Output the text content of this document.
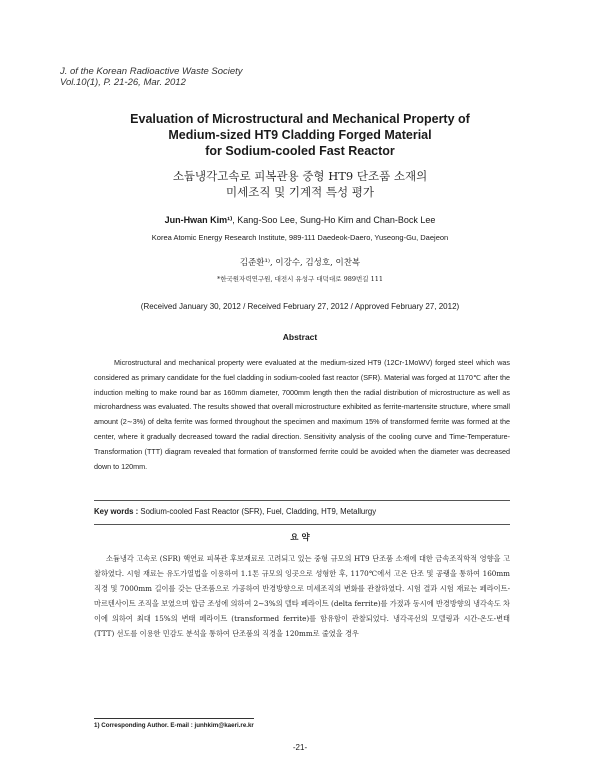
J. of the Korean Radioactive Waste Society
Vol.10(1), P. 21-26, Mar. 2012
Evaluation of Microstructural and Mechanical Property of
Medium-sized HT9 Cladding Forged Material
for Sodium-cooled Fast Reactor
소듐냉각고속로 피복관용 중형 HT9 단조품 소재의
미세조직 및 기계적 특성 평가
Jun-Hwan Kim¹⁾, Kang-Soo Lee, Sung-Ho Kim and Chan-Bock Lee
Korea Atomic Energy Research Institute, 989-111 Daedeok-Daero, Yuseong-Gu, Daejeon
김준환¹⁾, 이강수, 김성호, 이찬복
*한국원자력연구원, 대전시 유성구 대덕대로 989번길 111
(Received January 30, 2012 / Received February 27, 2012 / Approved February 27, 2012)
Abstract
Microstructural and mechanical property were evaluated at the medium-sized HT9 (12Cr-1MoWV) forged steel which was considered as primary candidate for the fuel cladding in sodium-cooled fast reactor (SFR). Material was forged at 1170℃ after the induction melting to make round bar as 160mm diameter, 7000mm length then the radial distribution of microstructure as well as microhardness was evaluated. The results showed that overall microstructure exhibited as ferrite-martensite structure, where small amount (2∼3%) of delta ferrite was formed throughout the specimen and maximum 15% of transformed ferrite was formed at the center, where it gradually decreased toward the radial direction. Sensitivity analysis of the cooling curve and Time-Temperature-Transformation (TTT) diagram revealed that formation of transformed ferrite could be avoided when the diameter was decreased down to 120mm.
Key words : Sodium-cooled Fast Reactor (SFR), Fuel, Cladding, HT9, Metallurgy
요 약
소듐냉각 고속로 (SFR) 핵연료 피복관 후보재료로 고려되고 있는 중형 규모의 HT9 단조품 소재에 대한 금속조직학적 영향을 고찰하였다. 시험 재료는 유도가열법을 이용하여 1.1톤 규모의 잉곳으로 성형한 후, 1170℃에서 고온 단조 및 공랭을 통하여 160mm 직경 및 7000mm 길이를 갖는 단조품으로 가공하여 반경방향으로 미세조직의 변화를 관찰하였다. 시험 결과 시험 재료는 페라이트-마르텐사이트 조직을 보였으며 합금 조성에 의하여 2∼3%의 델타 페라이트 (delta ferrite)를 가졌과 동시에 반경방향의 냉각속도 차이에 의하여 최대 15%의 변태 페라이트 (transformed ferrite)를 함유함이 관찰되었다. 냉각곡선의 모델링과 시간-온도-변태 (TTT) 선도를 이용한 민감도 분석을 통하여 단조품의 직경을 120mm로 줄였을 경우
1) Corresponding Author. E-mail : junhkim@kaeri.re.kr
-21-
